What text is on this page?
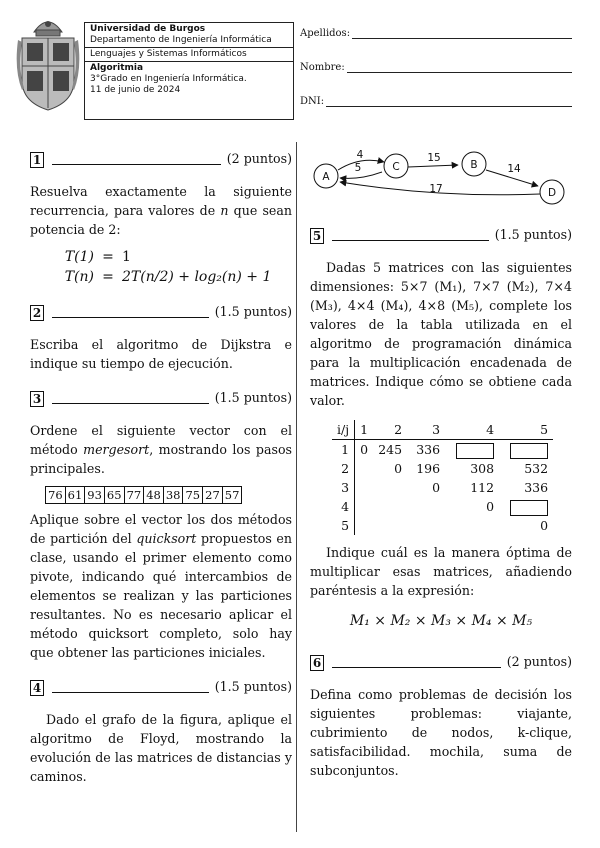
Universidad de Burgos
Departamento de Ingeniería Informática
Lenguajes y Sistemas Informáticos
Algoritmia
3°Grado en Ingeniería Informática.
11 de junio de 2024
Apellidos:
Nombre:
DNI:
1	(2 puntos)

Resuelva exactamente la siguiente recurrencia, para valores de n que sean potencia de 2:

T(1) = 1
T(n) = 2T(n/2) + log₂(n) + 1
2	(1.5 puntos)

Escriba el algoritmo de Dijkstra e indique su tiempo de ejecución.

3	(1.5 puntos)

Ordene el siguiente vector con el método mergesort, mostrando los pasos principales.

76 61 93 65 77 48 38 75 27 57

Aplique sobre el vector los dos métodos de partición del quicksort propuestos en clase, usando el primer elemento como pivote, indicando qué intercambios de elementos se realizan y las particiones resultantes. No es necesario aplicar el método quicksort completo, solo hay que obtener las particiones iniciales.

4	(1.5 puntos)

Dado el grafo de la figura, aplique el algoritmo de Floyd, mostrando la evolución de las matrices de distancias y caminos.

A
C	B
D
4
5
15
14
17
5	(1.5 puntos)

Dadas 5 matrices con las siguientes dimensiones: 5×7 (M₁), 7×7 (M₂), 7×4 (M₃), 4×4 (M₄), 4×8 (M₅), complete los valores de la tabla utilizada en el algoritmo de programación dinámica para la multiplicación encadenada de matrices. Indique cómo se obtiene cada valor.

i/j	1	2	3	4	5
1	0	245	336		
2		0	196	308	532
3			0	112	336
4				0	
5					0

Indique cuál es la manera óptima de multiplicar esas matrices, añadiendo paréntesis a la expresión:

M₁ × M₂ × M₃ × M₄ × M₅

6	(2 puntos)

Defina como problemas de decisión los siguientes problemas: viajante, cubrimiento de nodos, k-clique, satisfacibilidad. mochila, suma de subconjuntos.
